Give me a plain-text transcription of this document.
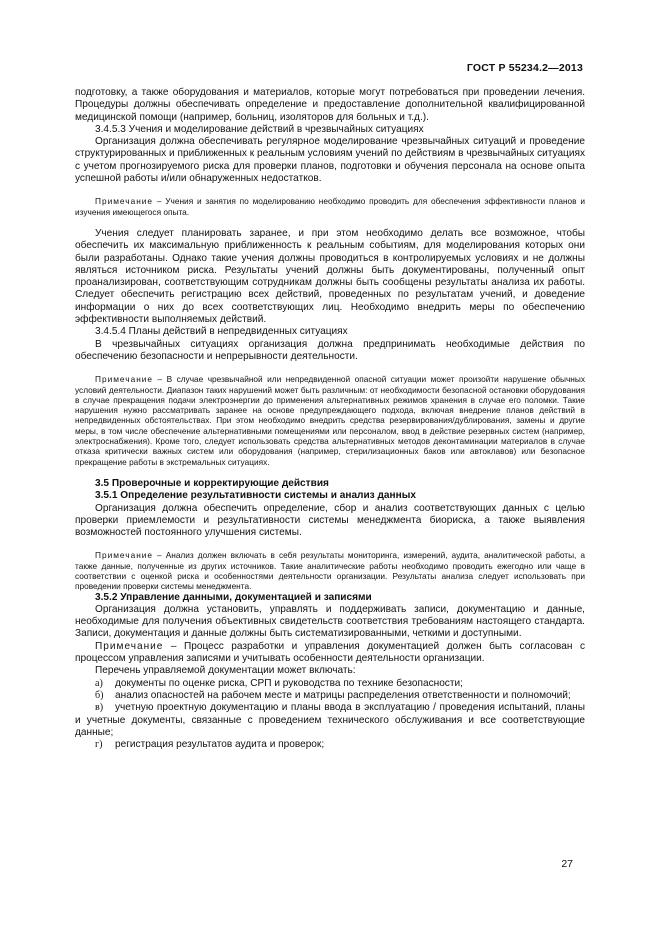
ГОСТ Р 55234.2—2013

подготовку, а также оборудования и материалов, которые могут потребоваться при проведении лечения. Процедуры должны обеспечивать определение и предоставление дополнительной квалифицированной медицинской помощи (например, больниц, изоляторов для больных и т.д.).

3.4.5.3 Учения и моделирование действий в чрезвычайных ситуациях

Организация должна обеспечивать регулярное моделирование чрезвычайных ситуаций и проведение структурированных и приближенных к реальным условиям учений по действиям в чрезвычайных ситуациях с учетом прогнозируемого риска для проверки планов, подготовки и обучения персонала на основе опыта успешной работы и/или обнаруженных недостатков.

Примечание – Учения и занятия по моделированию необходимо проводить для обеспечения эффективности планов и изучения имеющегося опыта.

Учения следует планировать заранее, и при этом необходимо делать все возможное, чтобы обеспечить их максимальную приближенность к реальным событиям, для моделирования которых они были разработаны. Однако такие учения должны проводиться в контролируемых условиях и не должны являться источником риска. Результаты учений должны быть документированы, полученный опыт проанализирован, соответствующим сотрудникам должны быть сообщены результаты анализа их работы. Следует обеспечить регистрацию всех действий, проведенных по результатам учений, и доведение информации о них до всех соответствующих лиц. Необходимо внедрить меры по обеспечению эффективности выполняемых действий.

3.4.5.4 Планы действий в непредвиденных ситуациях

В чрезвычайных ситуациях организация должна предпринимать необходимые действия по обеспечению безопасности и непрерывности деятельности.

Примечание – В случае чрезвычайной или непредвиденной опасной ситуации может произойти нарушение обычных условий деятельности. Диапазон таких нарушений может быть различным: от необходимости безопасной остановки оборудования в случае прекращения подачи электроэнергии до применения альтернативных режимов хранения в случае его поломки. Такие нарушения нужно рассматривать заранее на основе предупреждающего подхода, включая внедрение планов действий в непредвиденных обстоятельствах. При этом необходимо внедрить средства резервирования/дублирования, замены и другие меры, в том числе обеспечение альтернативными помещениями или персоналом, ввод в действие резервных систем (например, электроснабжения). Кроме того, следует использовать средства альтернативных методов деконтаминации материалов в случае отказа критически важных систем или оборудования (например, стерилизационных баков или автоклавов) или безопасное прекращение работы в экстремальных ситуациях.

3.5 Проверочные и корректирующие действия

3.5.1 Определение результативности системы и анализ данных

Организация должна обеспечить определение, сбор и анализ соответствующих данных с целью проверки приемлемости и результативности системы менеджмента биориска, а также выявления возможностей постоянного улучшения системы.

Примечание – Анализ должен включать в себя результаты мониторинга, измерений, аудита, аналитической работы, а также данные, полученные из других источников. Такие аналитические работы необходимо проводить ежегодно или чаще в соответствии с оценкой риска и особенностями деятельности организации. Результаты анализа следует использовать при проведении проверки системы менеджмента.

3.5.2 Управление данными, документацией и записями

Организация должна установить, управлять и поддерживать записи, документацию и данные, необходимые для получения объективных свидетельств соответствия требованиям настоящего стандарта. Записи, документация и данные должны быть систематизированными, четкими и доступными.

Примечание – Процесс разработки и управления документацией должен быть согласован с процессом управления записями и учитывать особенности деятельности организации.

Перечень управляемой документации может включать:

а) документы по оценке риска, СРП и руководства по технике безопасности;

б) анализ опасностей на рабочем месте и матрицы распределения ответственности и полномочий;

в) учетную проектную документацию и планы ввода в эксплуатацию / проведения испытаний, планы и учетные документы, связанные с проведением технического обслуживания и все соответствующие данные;

г) регистрация результатов аудита и проверок;

27
